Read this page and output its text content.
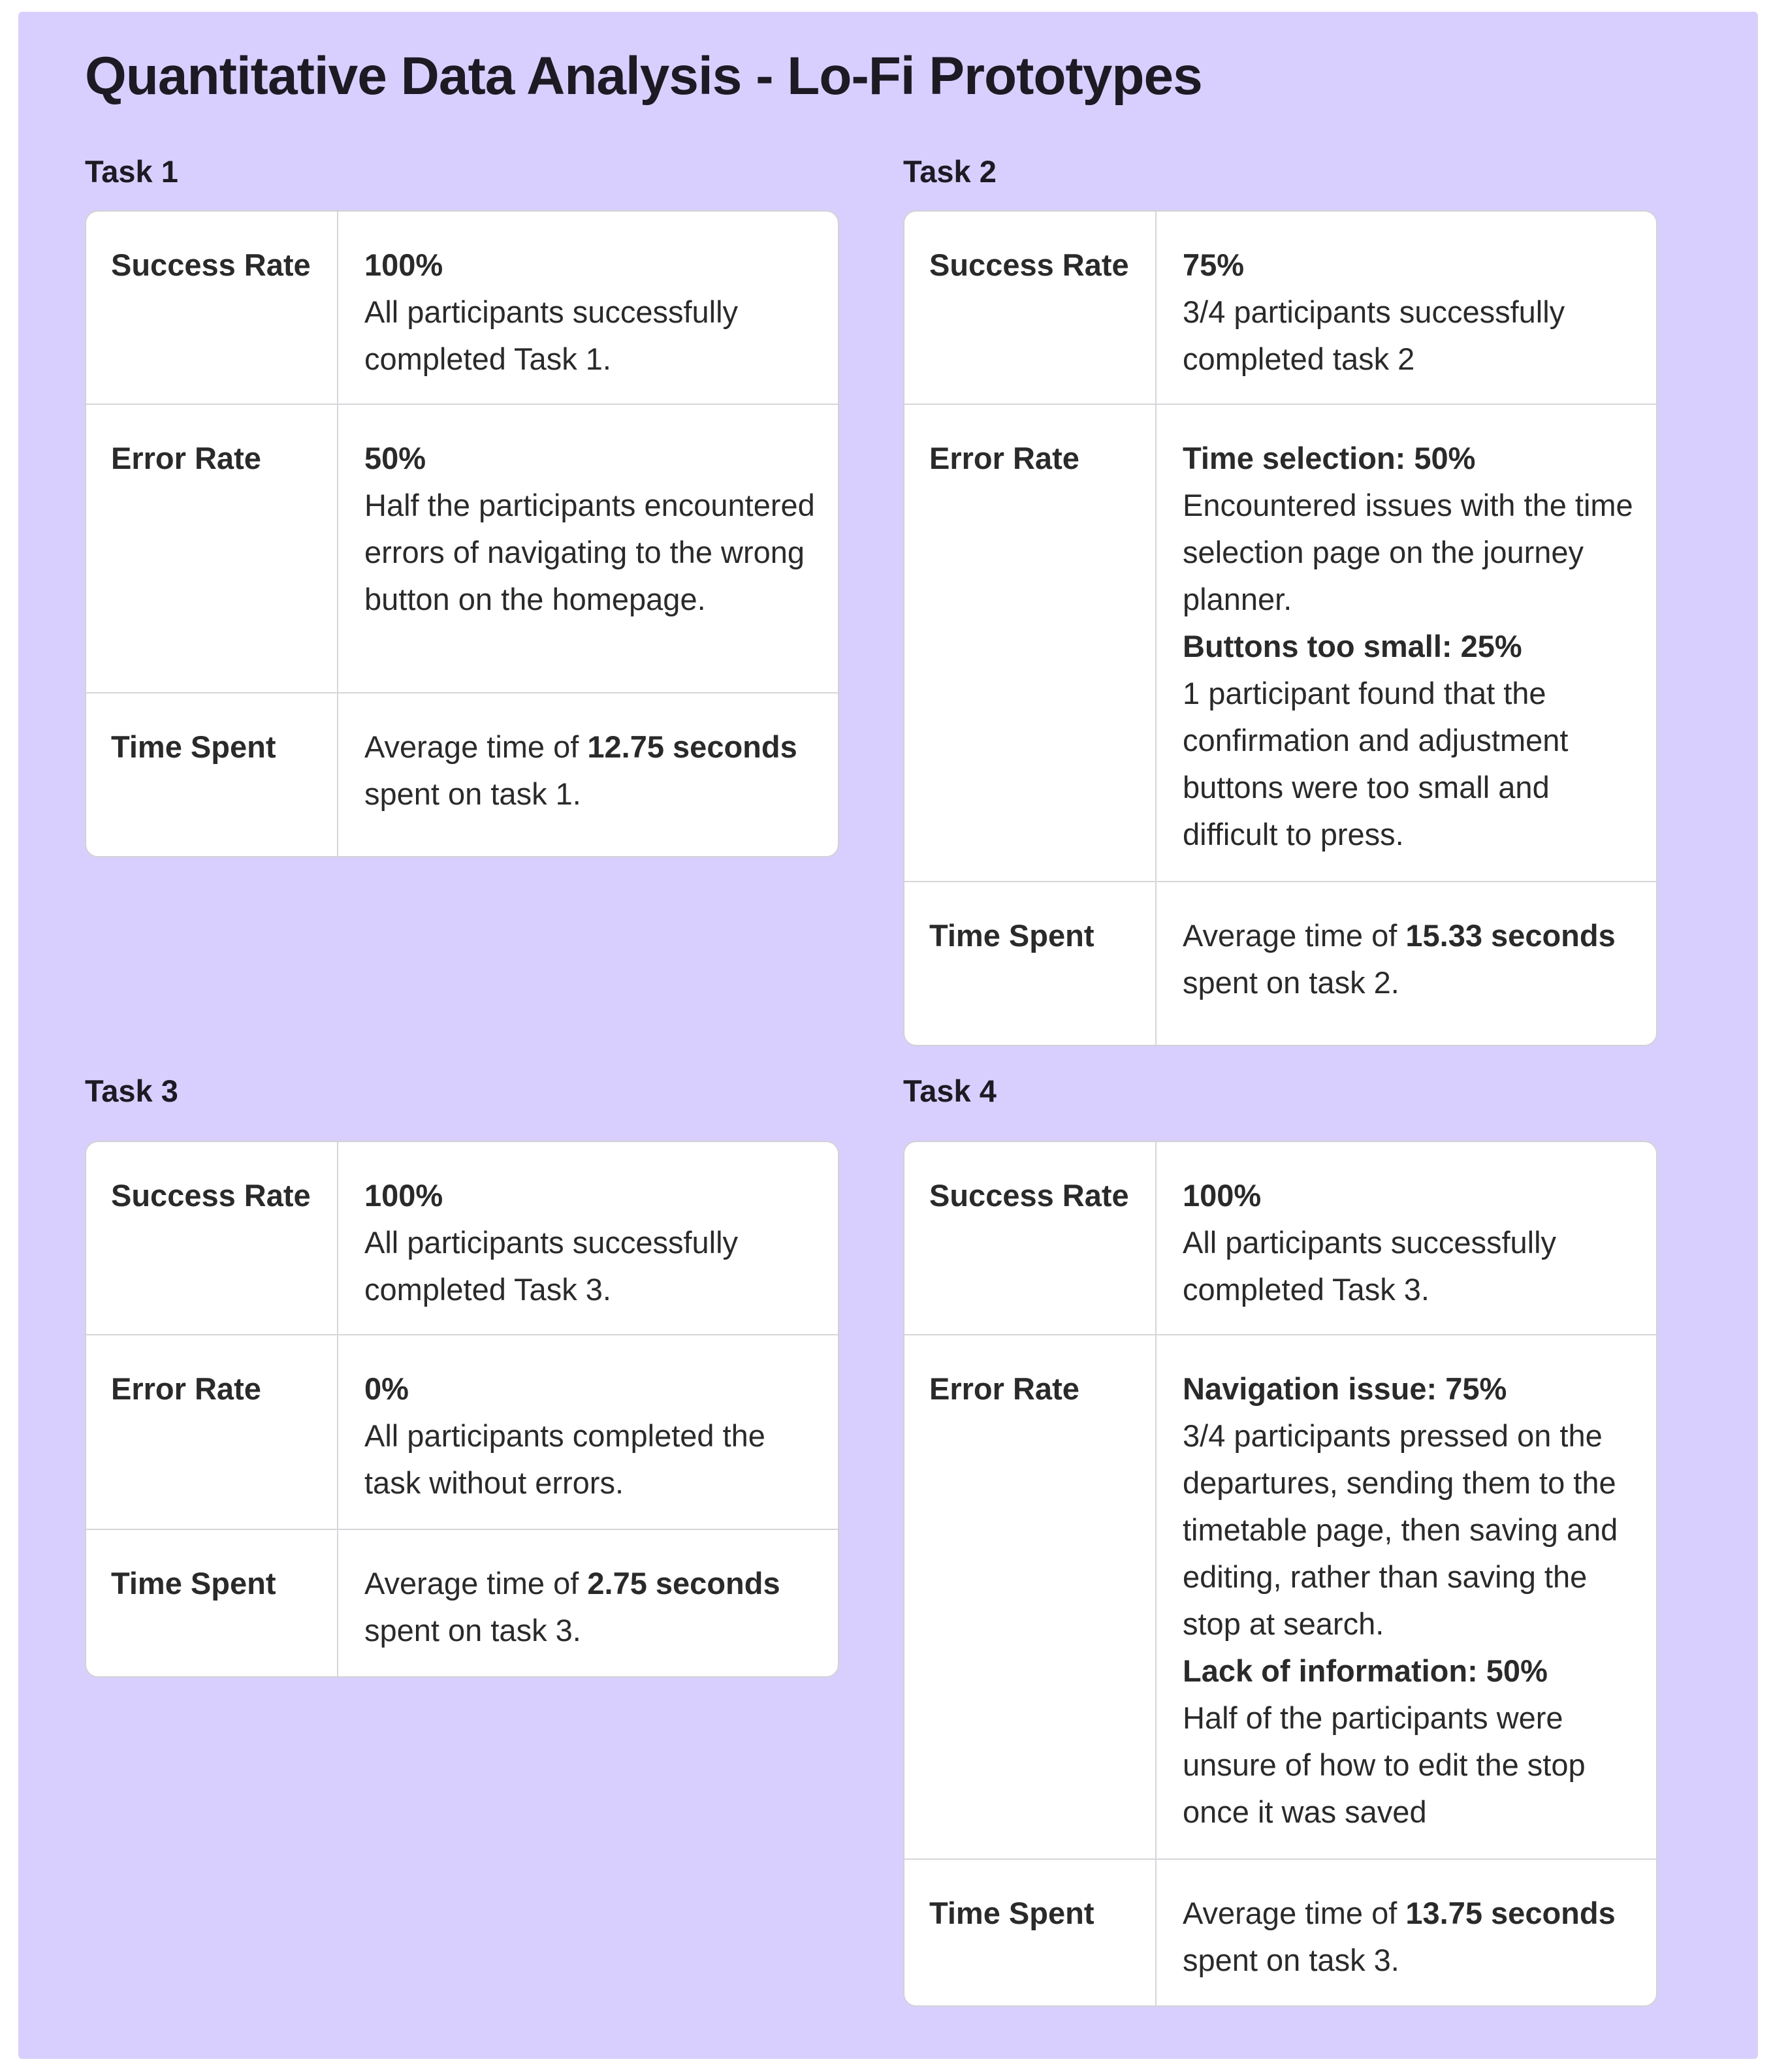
Quantitative Data Analysis - Lo-Fi Prototypes
Task 1
Success Rate	100%
All participants successfully completed Task 1.
Error Rate	50%
Half the participants encountered errors of navigating to the wrong button on the homepage.
Time Spent	Average time of 12.75 seconds spent on task 1.
Task 2
Success Rate	75%
3/4 participants successfully completed task 2
Error Rate	Time selection: 50%
Encountered issues with the time selection page on the journey planner.
Buttons too small: 25%
1 participant found that the confirmation and adjustment buttons were too small and difficult to press.
Time Spent	Average time of 15.33 seconds spent on task 2.
Task 3
Success Rate	100%
All participants successfully completed Task 3.
Error Rate	0%
All participants completed the task without errors.
Time Spent	Average time of 2.75 seconds spent on task 3.
Task 4
Success Rate	100%
All participants successfully completed Task 3.
Error Rate	Navigation issue: 75%
3/4 participants pressed on the departures, sending them to the timetable page, then saving and editing, rather than saving the stop at search.
Lack of information: 50%
Half of the participants were unsure of how to edit the stop once it was saved
Time Spent	Average time of 13.75 seconds spent on task 3.
